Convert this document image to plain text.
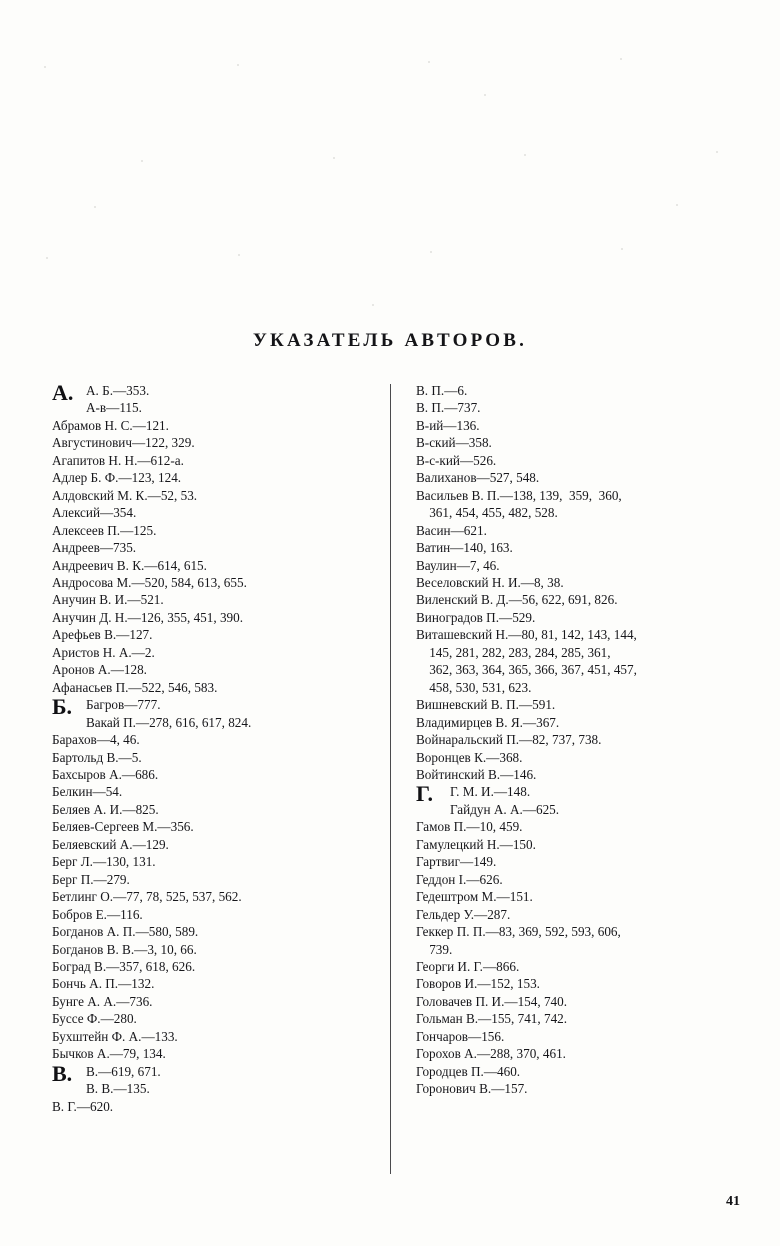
УКАЗАТЕЛЬ АВТОРОВ.
А. А. Б.—353.
А-в—115.
Абрамов Н. С.—121.
Августинович—122, 329.
Агапитов Н. Н.—612-а.
Адлер Б. Ф.—123, 124.
Алдовский М. К.—52, 53.
Алексий—354.
Алексеев П.—125.
Андреев—735.
Андреевич В. К.—614, 615.
Андросова М.—520, 584, 613, 655.
Анучин В. И.—521.
Анучин Д. Н.—126, 355, 451, 390.
Арефьев В.—127.
Аристов Н. А.—2.
Аронов А.—128.
Афанасьев П.—522, 546, 583.
Б.	Багров—777.
Вакай П.—278, 616, 617, 824.
Барахов—4, 46.
Бартольд В.—5.
Бахсыров А.—686.
Белкин—54.
Беляев А. И.—825.
Беляев-Сергеев М.—356.
Беляевский А.—129.
Берг Л.—130, 131.
Берг П.—279.
Бетлинг О.—77, 78, 525, 537, 562.
Бобров Е.—116.
Богданов А. П.—580, 589.
Богданов В. В.—3, 10, 66.
Боград В.—357, 618, 626.
Бончь А. П.—132.
Бунге А. А.—736.
Буссе Ф.—280.
Бухштейн Ф. А.—133.
Бычков А.—79, 134.
В.	В.—619, 671.
В. В.—135.
В. Г.—620.
В. П.—6.
В. П.—737.
В-ий—136.
В-ский—358.
В-с-кий—526.
Валиханов—527, 548.
Васильев В. П.—138, 139,  359,  360,
361, 454, 455, 482, 528.
Васин—621.
Ватин—140, 163.
Ваулин—7, 46.
Веселовский Н. И.—8, 38.
Виленский В. Д.—56, 622, 691, 826.
Виноградов П.—529.
Виташевский Н.—80, 81, 142, 143, 144,
145, 281, 282, 283, 284, 285, 361,
362, 363, 364, 365, 366, 367, 451, 457,
458, 530, 531, 623.
Вишневский В. П.—591.
Владимирцев В. Я.—367.
Войнаральский П.—82, 737, 738.
Воронцев К.—368.
Войтинский В.—146.
Г.	Г. М. И.—148.
Гайдун А. А.—625.
Гамов П.—10, 459.
Гамулецкий Н.—150.
Гартвиг—149.
Геддон I.—626.
Гедештром М.—151.
Гельдер У.—287.
Геккер П. П.—83, 369, 592, 593, 606,
739.
Георги И. Г.—866.
Говоров И.—152, 153.
Головачев П. И.—154, 740.
Гольман В.—155, 741, 742.
Гончаров—156.
Горохов А.—288, 370, 461.
Городцев П.—460.
Горонович В.—157.
41
